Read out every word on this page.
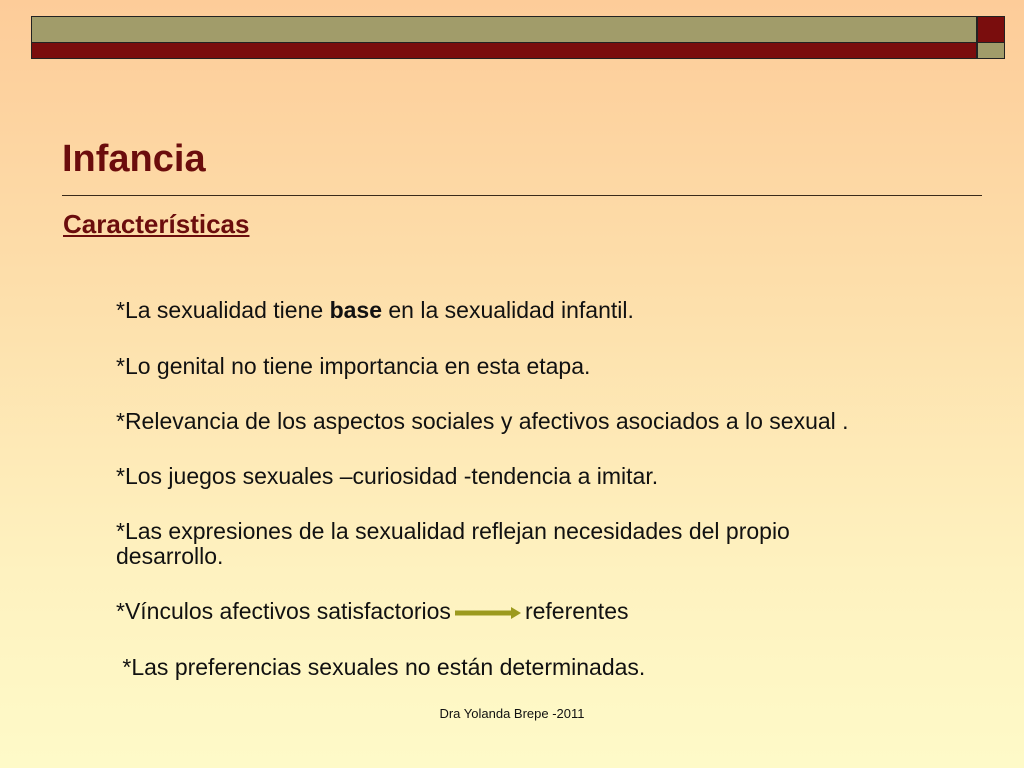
Infancia
Características

*La sexualidad tiene base en la sexualidad infantil.

*Lo genital no tiene importancia en esta etapa.

*Relevancia de los aspectos sociales y afectivos asociados a lo sexual .

*Los juegos sexuales –curiosidad -tendencia a imitar.

*Las expresiones de la sexualidad reflejan necesidades del propio desarrollo.

*Vínculos afectivos satisfactorios	referentes

*Las preferencias sexuales no están determinadas.

Dra Yolanda Brepe -2011
